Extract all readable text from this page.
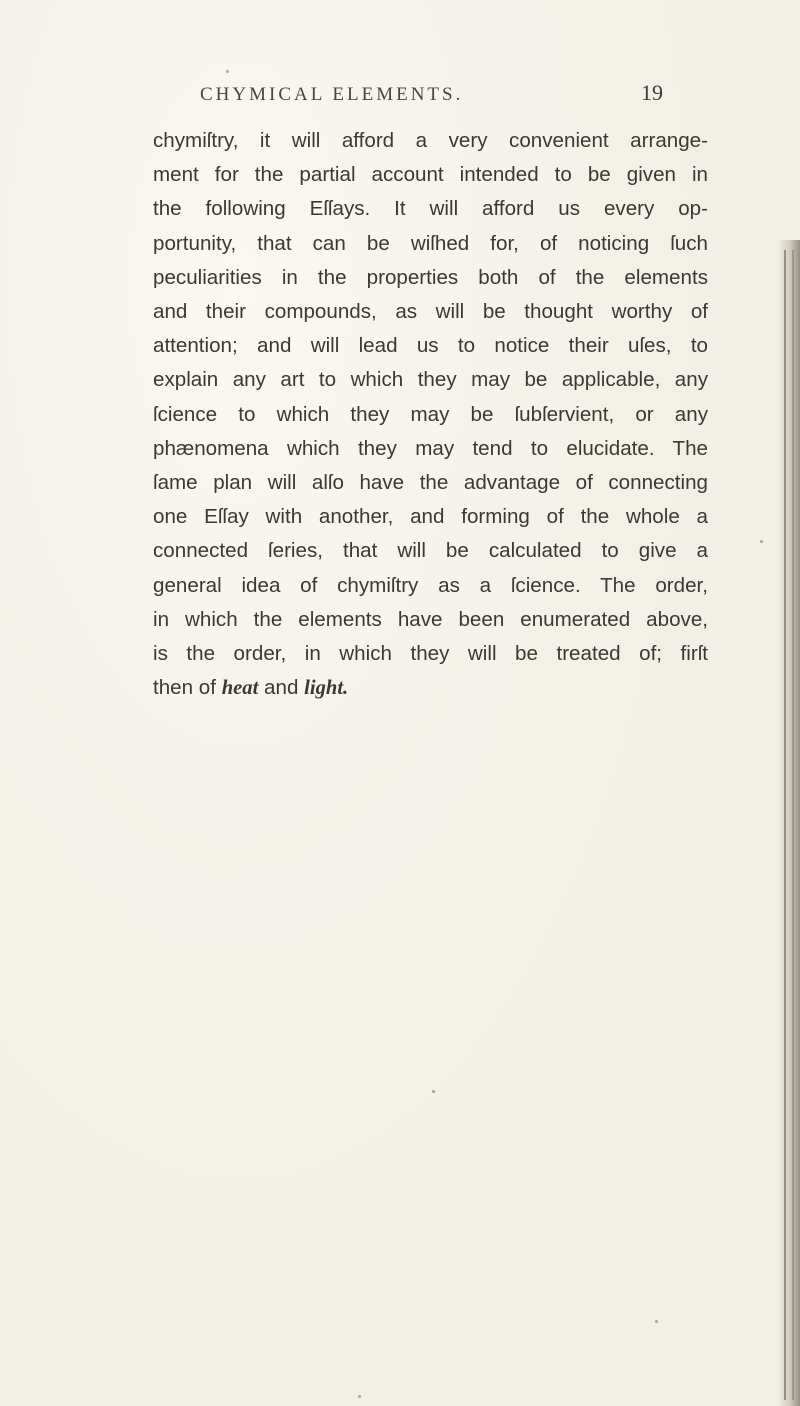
CHYMICAL ELEMENTS.	19
chymiſtry, it will afford a very convenient arrange-
ment for the partial account intended to be given in
the following Eſſays. It will afford us every op-
portunity, that can be wiſhed for, of noticing ſuch
peculiarities in the properties both of the elements
and their compounds, as will be thought worthy of
attention; and will lead us to notice their uſes, to
explain any art to which they may be applicable, any
ſcience to which they may be ſubſervient, or any
phænomena which they may tend to elucidate. The
ſame plan will alſo have the advantage of connecting
one Eſſay with another, and forming of the whole a
connected ſeries, that will be calculated to give a
general idea of chymiſtry as a ſcience. The order,
in which the elements have been enumerated above,
is the order, in which they will be treated of; firſt
then of heat and light.
